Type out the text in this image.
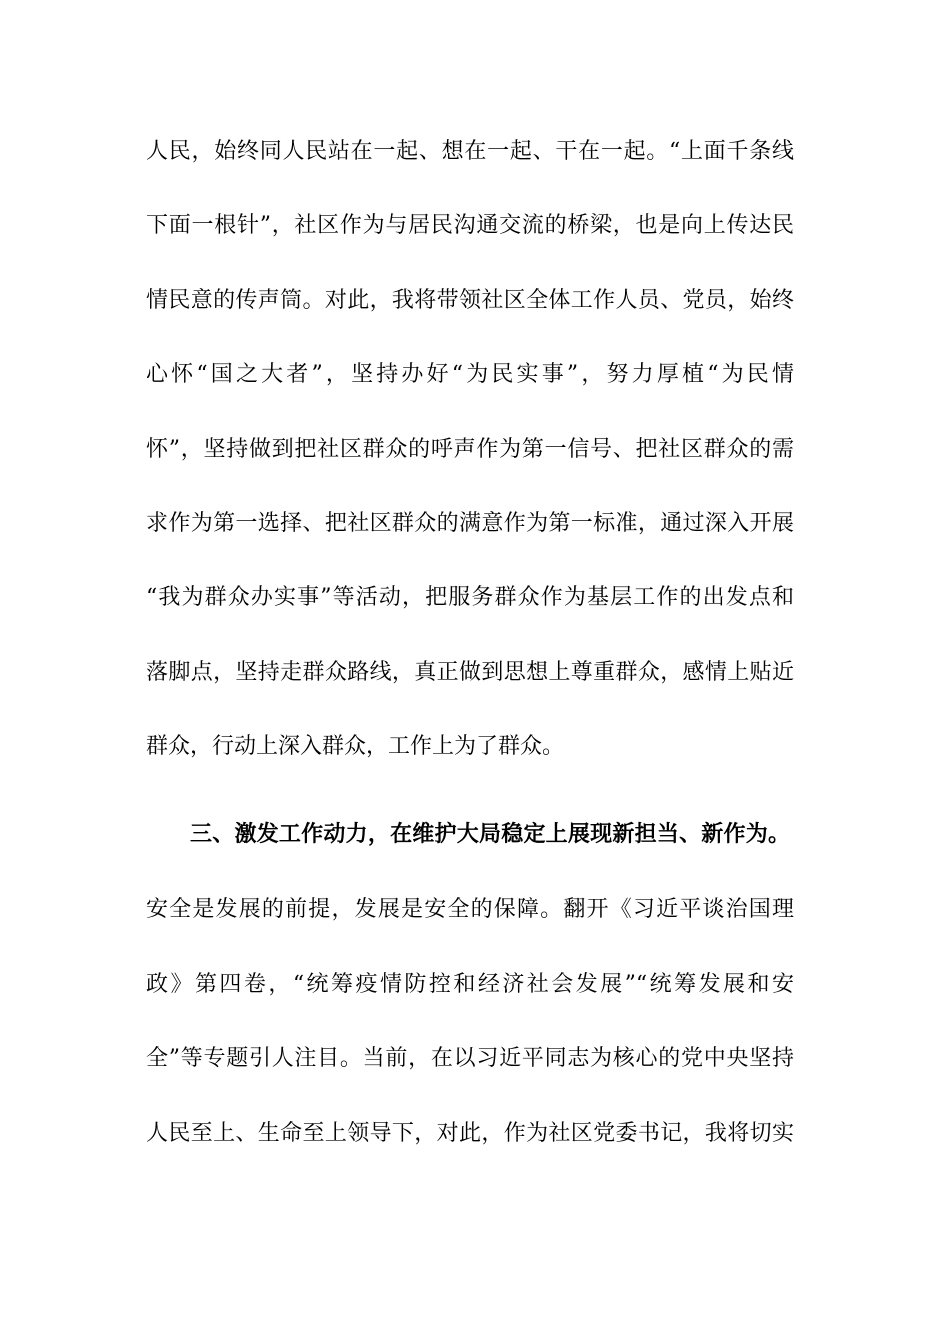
人民，始终同人民站在一起、想在一起、干在一起。“上面千条线
下面一根针”，社区作为与居民沟通交流的桥梁，也是向上传达民
情民意的传声筒。对此，我将带领社区全体工作人员、党员，始终
心怀“国之大者”，坚持办好“为民实事”，努力厚植“为民情
怀”，坚持做到把社区群众的呼声作为第一信号、把社区群众的需
求作为第一选择、把社区群众的满意作为第一标准，通过深入开展
“我为群众办实事”等活动，把服务群众作为基层工作的出发点和
落脚点，坚持走群众路线，真正做到思想上尊重群众，感情上贴近
群众，行动上深入群众，工作上为了群众。
三、激发工作动力，在维护大局稳定上展现新担当、新作为。
安全是发展的前提，发展是安全的保障。翻开《习近平谈治国理
政》第四卷，“统筹疫情防控和经济社会发展”“统筹发展和安
全”等专题引人注目。当前，在以习近平同志为核心的党中央坚持
人民至上、生命至上领导下，对此，作为社区党委书记，我将切实
